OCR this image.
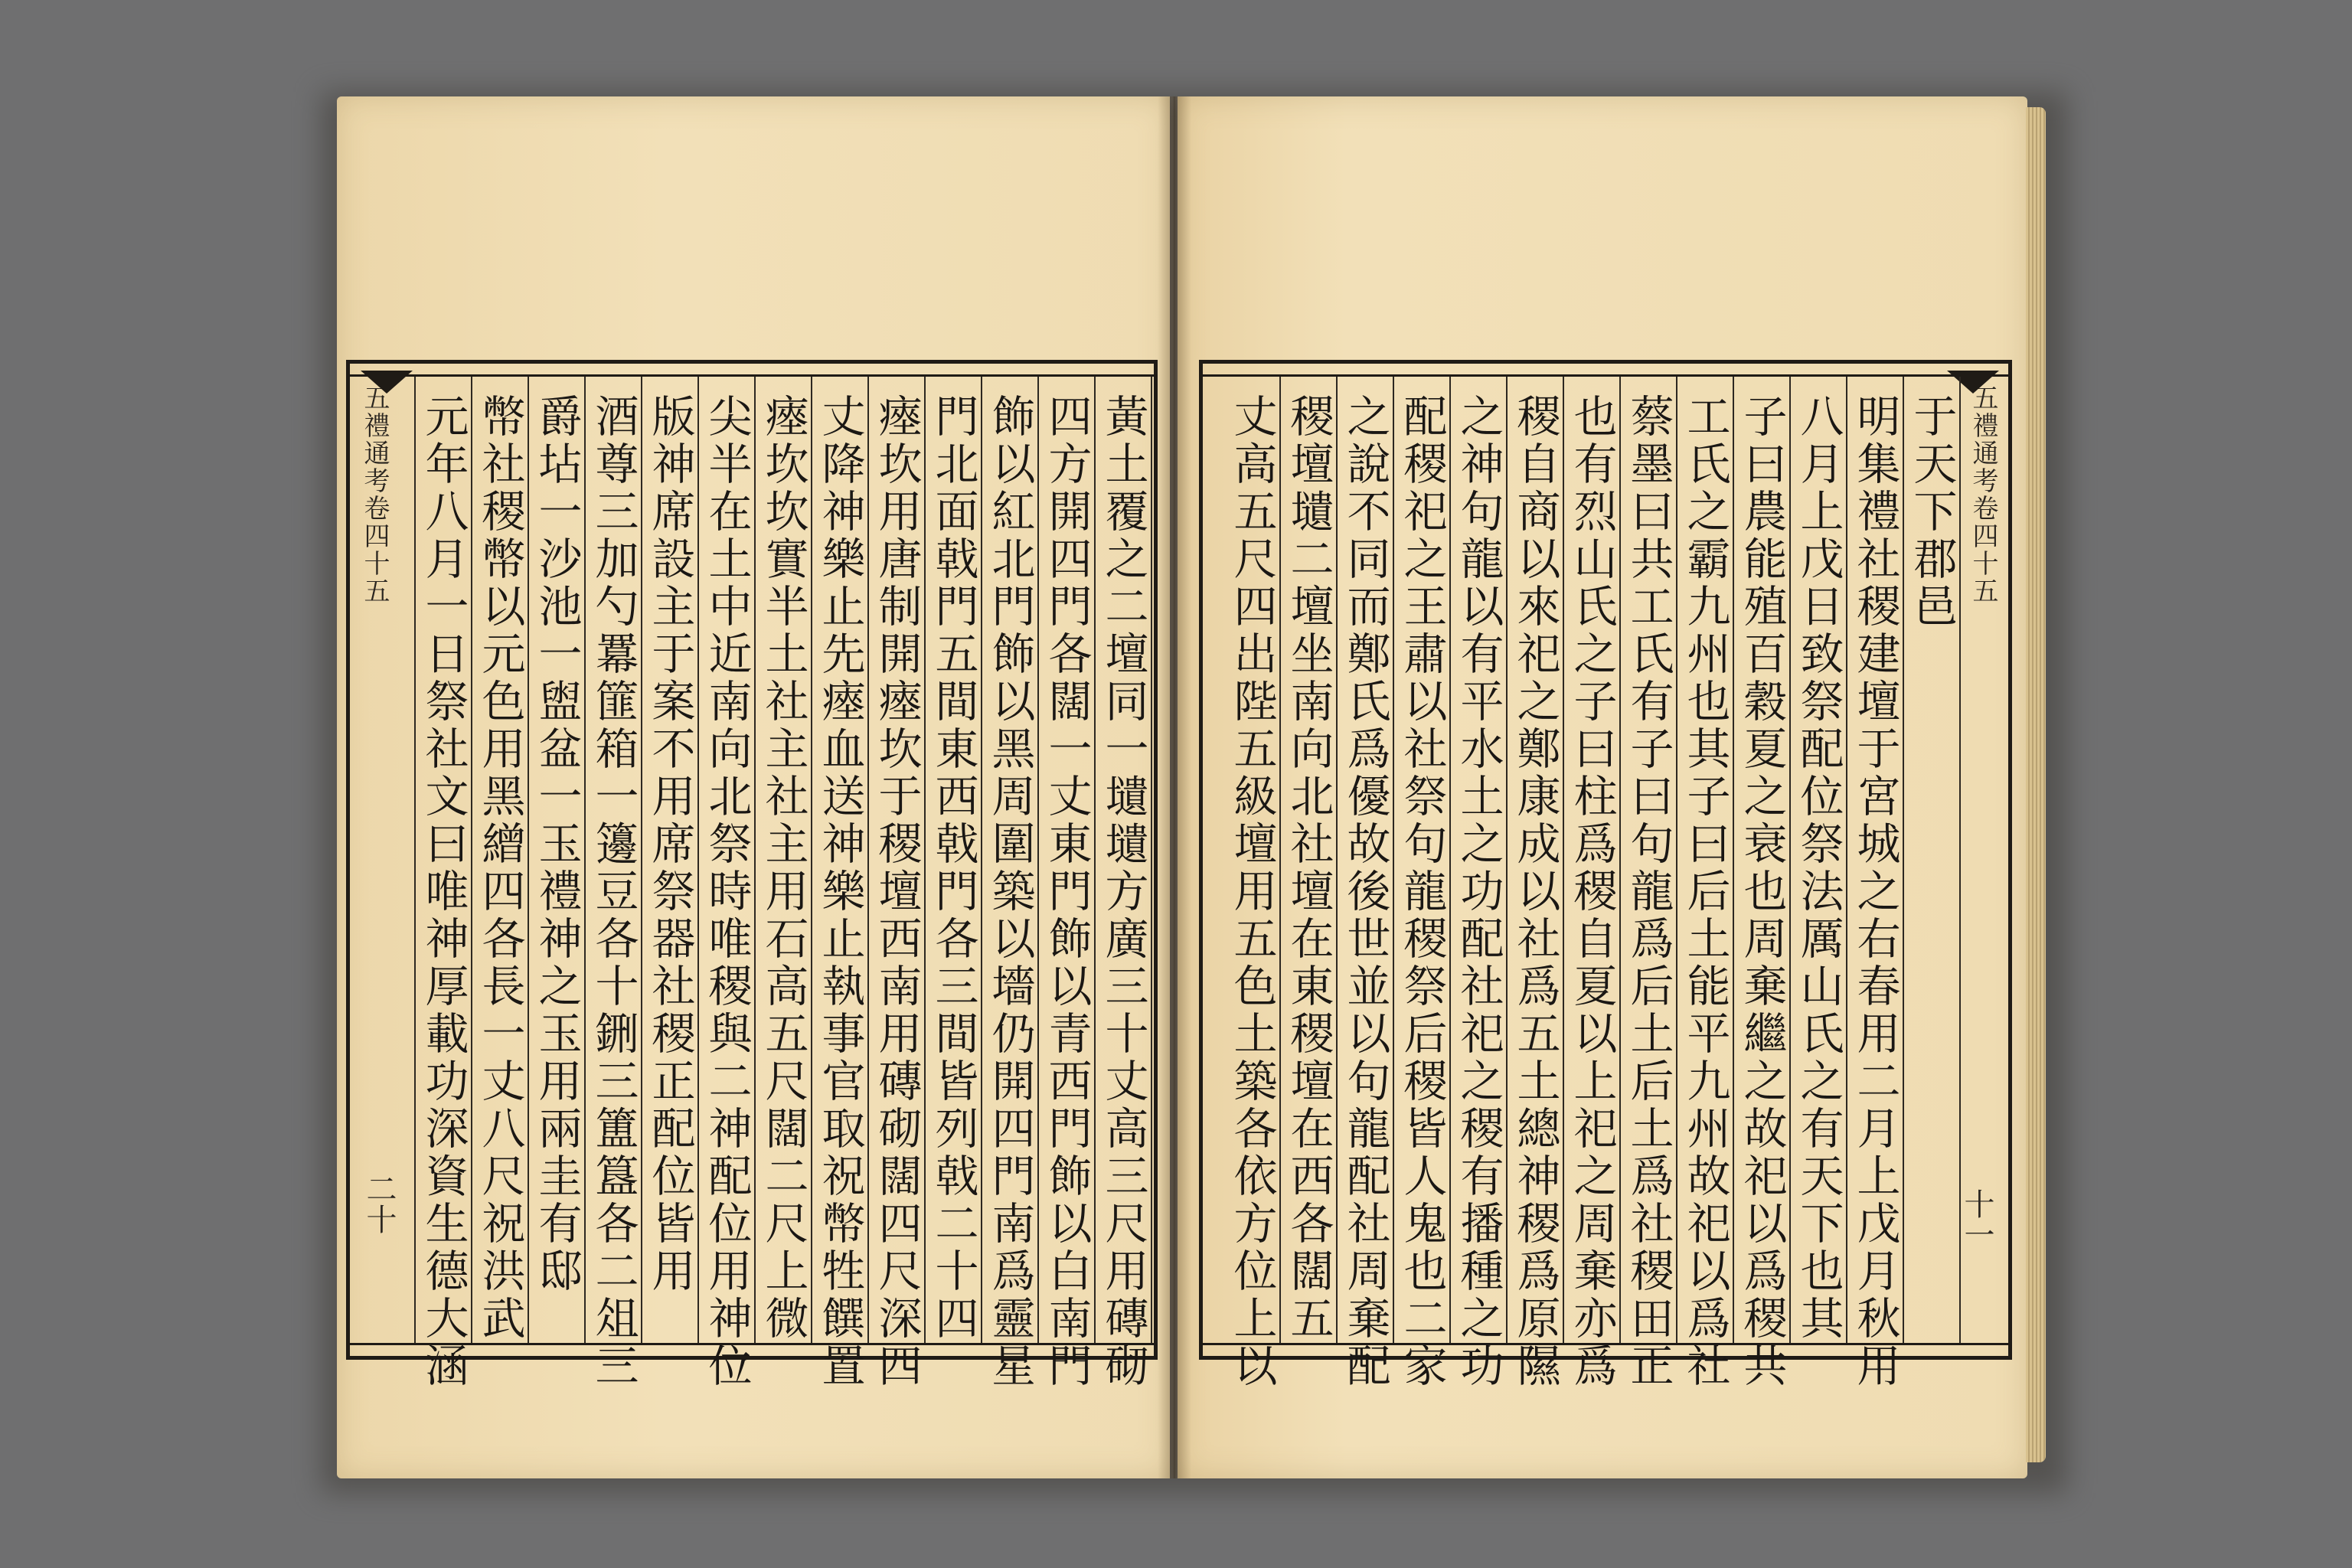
五禮通考卷四十五
二十	黃土覆之二壇同一壝壝方廣三十丈高三尺用磚砌
四方開四門各闊一丈東門飾以青西門飾以白南門
飾以紅北門飾以黑周圍築以墻仍開四門南爲靈星
門北面戟門五間東西戟門各三間皆列戟二十四
瘞坎用唐制開瘞坎于稷壇西南用磚砌闊四尺深四
丈降神樂止先瘞血送神樂止執事官取祝幣牲饌置
瘞坎坎實半土社主社主用石高五尺闊二尺上微
尖半在土中近南向北祭時唯稷與二神配位用神位
版神席設主于案不用席祭器社稷正配位皆用
酒尊三加勺羃篚箱一籩豆各十鉶三簠簋各二俎三
爵坫一沙池一盥盆一玉禮神之玉用兩圭有邸
幣社稷幣以元色用黑繒四各長一丈八尺祝洪武
元年八月一日祭社文曰唯神厚載功深資生德大涵	五禮通考卷四十五
十一
于天下郡邑
明集禮社稷建壇于宮城之右春用二月上戊月秋用
八月上戊日致祭配位祭法厲山氏之有天下也其
子曰農能殖百穀夏之衰也周棄繼之故祀以爲稷共
工氏之霸九州也其子曰后土能平九州故祀以爲社
蔡墨曰共工氏有子曰句龍爲后土后土爲社稷田正
也有烈山氏之子曰柱爲稷自夏以上祀之周棄亦爲
稷自商以來祀之鄭康成以社爲五土總神稷爲原隰
之神句龍以有平水土之功配社祀之稷有播種之功
配稷祀之王肅以社祭句龍稷祭后稷皆人鬼也二家
之說不同而鄭氏爲優故後世並以句龍配社周棄配
稷壇壝二壇坐南向北社壇在東稷壇在西各闊五
丈高五尺四出陛五級壇用五色土築各依方位上以
